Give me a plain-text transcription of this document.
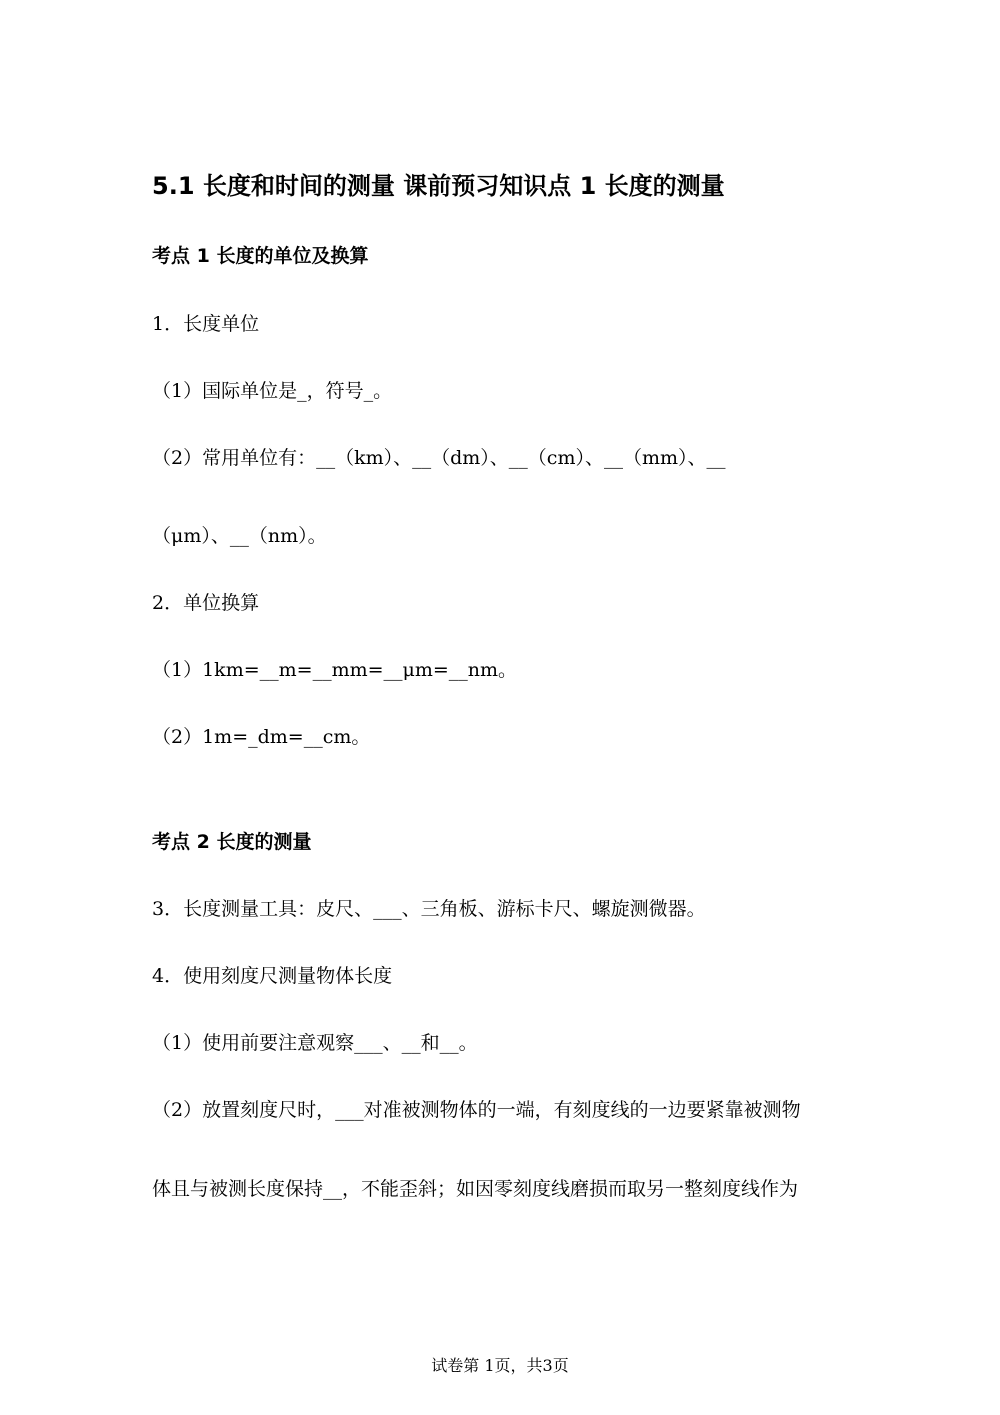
5.1 长度和时间的测量 课前预习知识点 1 长度的测量
考点 1 长度的单位及换算
1．长度单位
（1）国际单位是_，符号_。
（2）常用单位有：__（km）、__（dm）、__（cm）、__（mm）、__
（μm）、__（nm）。
2．单位换算
（1）1km=__m=__mm=__μm=__nm。
（2）1m=_dm=__cm。
考点 2 长度的测量
3．长度测量工具：皮尺、___、三角板、游标卡尺、螺旋测微器。
4．使用刻度尺测量物体长度
（1）使用前要注意观察___、__和__。
（2）放置刻度尺时，___对准被测物体的一端，有刻度线的一边要紧靠被测物
体且与被测长度保持__，不能歪斜；如因零刻度线磨损而取另一整刻度线作为
试卷第 1页，共3页
